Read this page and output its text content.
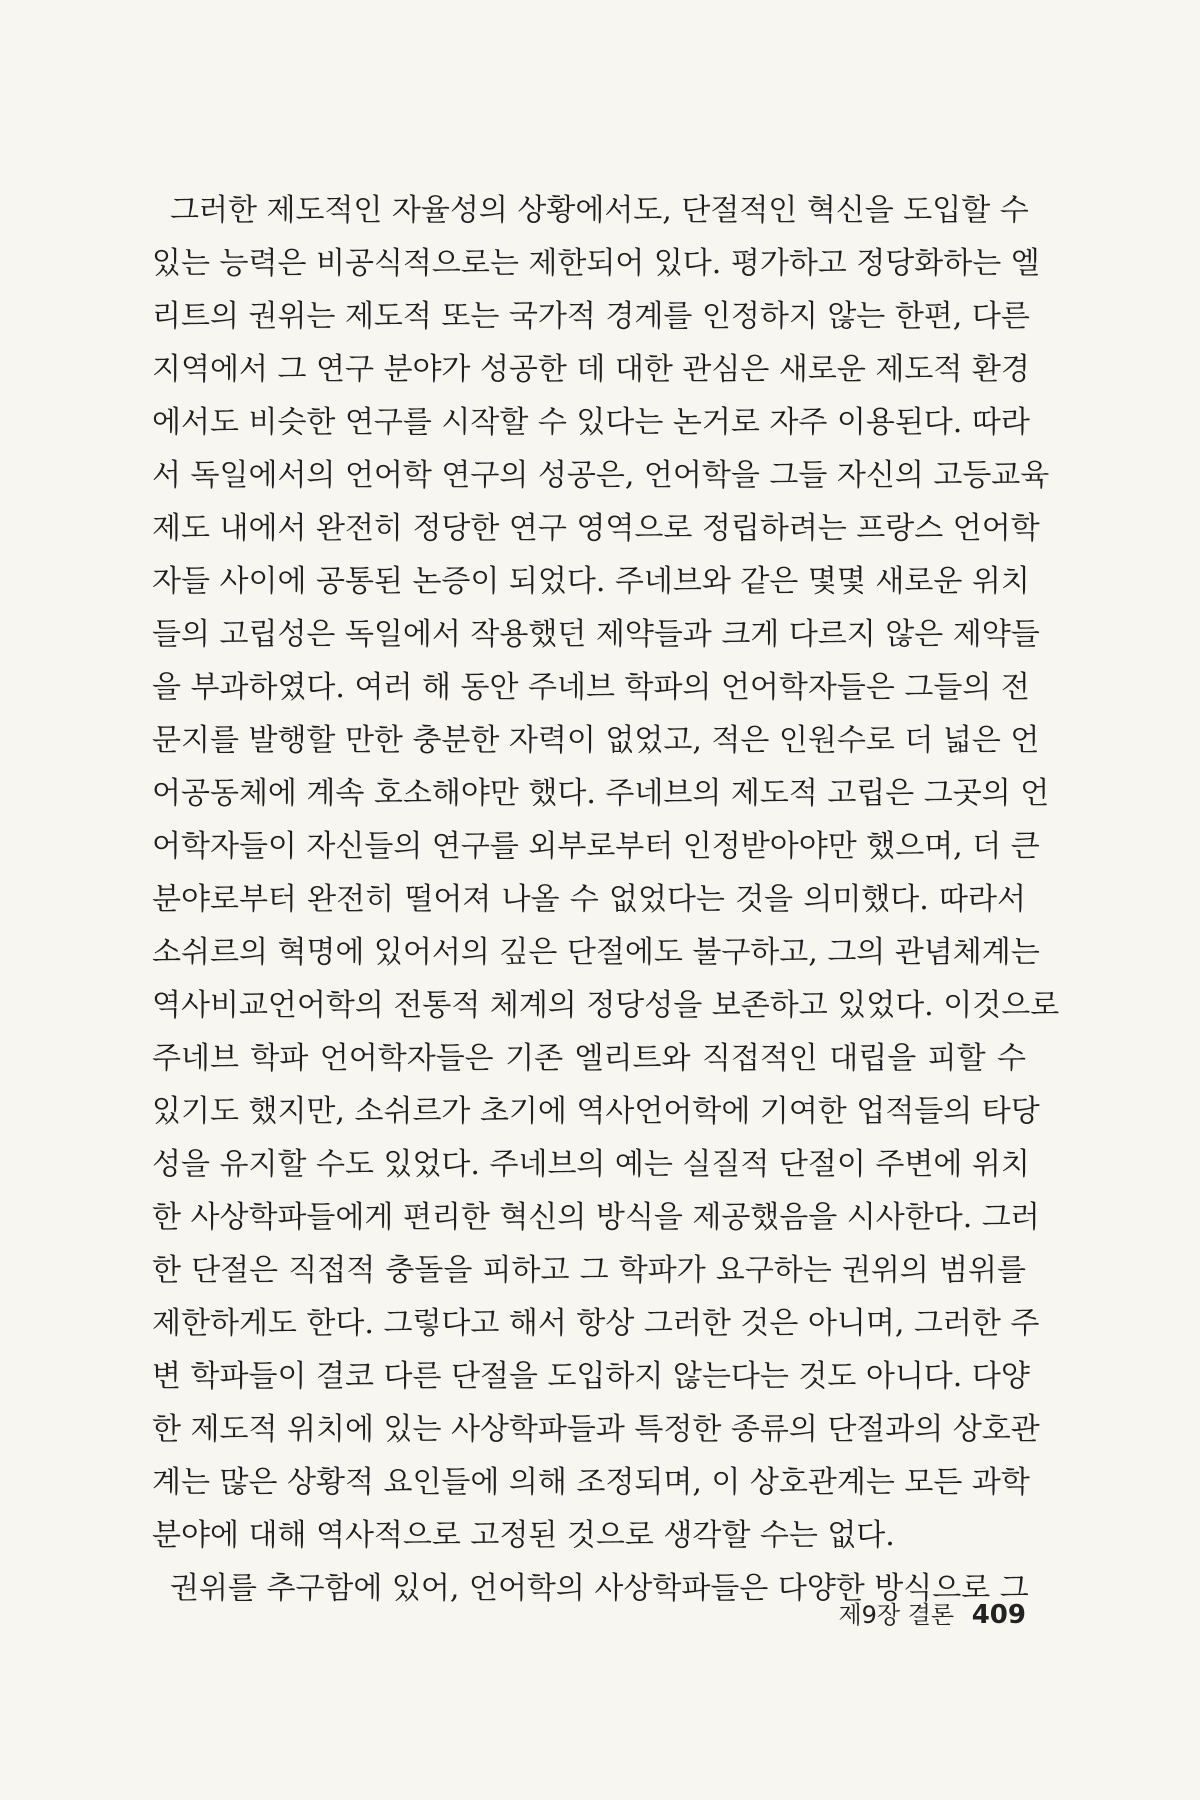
그러한 제도적인 자율성의 상황에서도, 단절적인 혁신을 도입할 수
있는 능력은 비공식적으로는 제한되어 있다. 평가하고 정당화하는 엘
리트의 권위는 제도적 또는 국가적 경계를 인정하지 않는 한편, 다른
지역에서 그 연구 분야가 성공한 데 대한 관심은 새로운 제도적 환경
에서도 비슷한 연구를 시작할 수 있다는 논거로 자주 이용된다. 따라
서 독일에서의 언어학 연구의 성공은, 언어학을 그들 자신의 고등교육
제도 내에서 완전히 정당한 연구 영역으로 정립하려는 프랑스 언어학
자들 사이에 공통된 논증이 되었다. 주네브와 같은 몇몇 새로운 위치
들의 고립성은 독일에서 작용했던 제약들과 크게 다르지 않은 제약들
을 부과하였다. 여러 해 동안 주네브 학파의 언어학자들은 그들의 전
문지를 발행할 만한 충분한 자력이 없었고, 적은 인원수로 더 넓은 언
어공동체에 계속 호소해야만 했다. 주네브의 제도적 고립은 그곳의 언
어학자들이 자신들의 연구를 외부로부터 인정받아야만 했으며, 더 큰
분야로부터 완전히 떨어져 나올 수 없었다는 것을 의미했다. 따라서
소쉬르의 혁명에 있어서의 깊은 단절에도 불구하고, 그의 관념체계는
역사비교언어학의 전통적 체계의 정당성을 보존하고 있었다. 이것으로
주네브 학파 언어학자들은 기존 엘리트와 직접적인 대립을 피할 수
있기도 했지만, 소쉬르가 초기에 역사언어학에 기여한 업적들의 타당
성을 유지할 수도 있었다. 주네브의 예는 실질적 단절이 주변에 위치
한 사상학파들에게 편리한 혁신의 방식을 제공했음을 시사한다. 그러
한 단절은 직접적 충돌을 피하고 그 학파가 요구하는 권위의 범위를
제한하게도 한다. 그렇다고 해서 항상 그러한 것은 아니며, 그러한 주
변 학파들이 결코 다른 단절을 도입하지 않는다는 것도 아니다. 다양
한 제도적 위치에 있는 사상학파들과 특정한 종류의 단절과의 상호관
계는 많은 상황적 요인들에 의해 조정되며, 이 상호관계는 모든 과학
분야에 대해 역사적으로 고정된 것으로 생각할 수는 없다.
권위를 추구함에 있어, 언어학의 사상학파들은 다양한 방식으로 그
제9장 결론 409
